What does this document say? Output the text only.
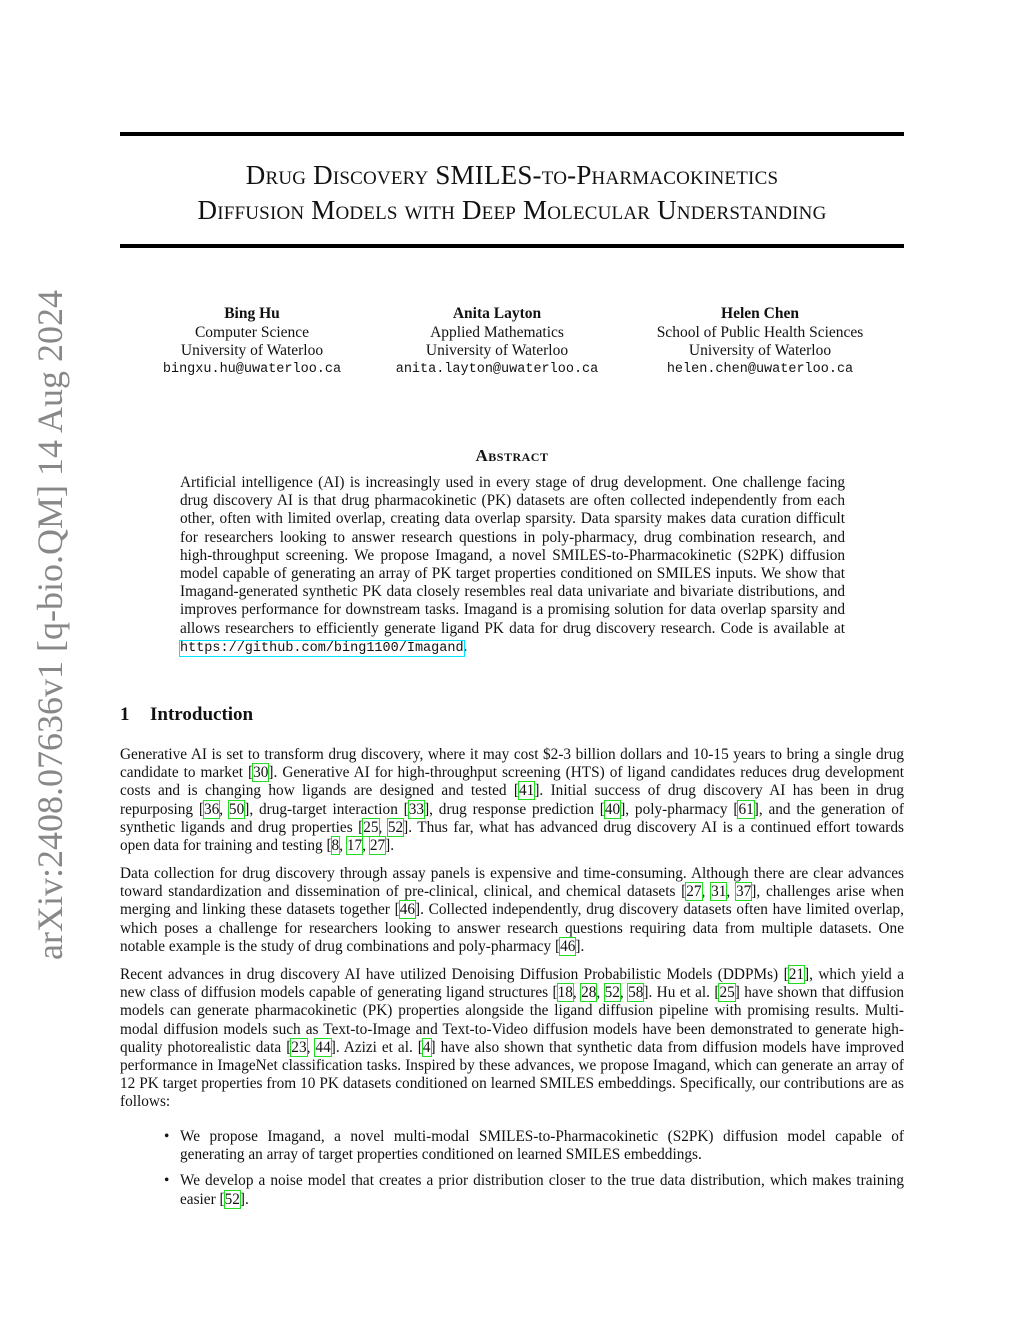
arXiv:2408.07636v1 [q-bio.QM] 14 Aug 2024
Drug Discovery SMILES-to-Pharmacokinetics
Diffusion Models with Deep Molecular Understanding
Bing Hu
Computer Science
University of Waterloo
bingxu.hu@uwaterloo.ca
Anita Layton
Applied Mathematics
University of Waterloo
anita.layton@uwaterloo.ca
Helen Chen
School of Public Health Sciences
University of Waterloo
helen.chen@uwaterloo.ca
Abstract
Artificial intelligence (AI) is increasingly used in every stage of drug development. One challenge facing drug discovery AI is that drug pharmacokinetic (PK) datasets are often collected independently from each other, often with limited overlap, creating data overlap sparsity. Data sparsity makes data curation difficult for researchers looking to answer research questions in poly-pharmacy, drug combination research, and high-throughput screening. We propose Imagand, a novel SMILES-to-Pharmacokinetic (S2PK) diffusion model capable of generating an array of PK target properties conditioned on SMILES inputs. We show that Imagand-generated synthetic PK data closely resembles real data univariate and bivariate distributions, and improves performance for downstream tasks. Imagand is a promising solution for data overlap sparsity and allows researchers to efficiently generate ligand PK data for drug discovery research. Code is available at https://github.com/bing1100/Imagand.
1 Introduction
Generative AI is set to transform drug discovery, where it may cost $2-3 billion dollars and 10-15 years to bring a single drug candidate to market [30]. Generative AI for high-throughput screening (HTS) of ligand candidates reduces drug development costs and is changing how ligands are designed and tested [41]. Initial success of drug discovery AI has been in drug repurposing [36, 50], drug-target interaction [33], drug response prediction [40], poly-pharmacy [61], and the generation of synthetic ligands and drug properties [25, 52]. Thus far, what has advanced drug discovery AI is a continued effort towards open data for training and testing [8, 17, 27].
Data collection for drug discovery through assay panels is expensive and time-consuming. Although there are clear advances toward standardization and dissemination of pre-clinical, clinical, and chemical datasets [27, 31, 37], challenges arise when merging and linking these datasets together [46]. Collected independently, drug discovery datasets often have limited overlap, which poses a challenge for researchers looking to answer research questions requiring data from multiple datasets. One notable example is the study of drug combinations and poly-pharmacy [46].
Recent advances in drug discovery AI have utilized Denoising Diffusion Probabilistic Models (DDPMs) [21], which yield a new class of diffusion models capable of generating ligand structures [18, 28, 52, 58]. Hu et al. [25] have shown that diffusion models can generate pharmacokinetic (PK) properties alongside the ligand diffusion pipeline with promising results. Multi-modal diffusion models such as Text-to-Image and Text-to-Video diffusion models have been demonstrated to generate high-quality photorealistic data [23, 44]. Azizi et al. [4] have also shown that synthetic data from diffusion models have improved performance in ImageNet classification tasks. Inspired by these advances, we propose Imagand, which can generate an array of 12 PK target properties from 10 PK datasets conditioned on learned SMILES embeddings. Specifically, our contributions are as follows:
• We propose Imagand, a novel multi-modal SMILES-to-Pharmacokinetic (S2PK) diffusion model capable of generating an array of target properties conditioned on learned SMILES embeddings.
• We develop a noise model that creates a prior distribution closer to the true data distribution, which makes training easier [52].
